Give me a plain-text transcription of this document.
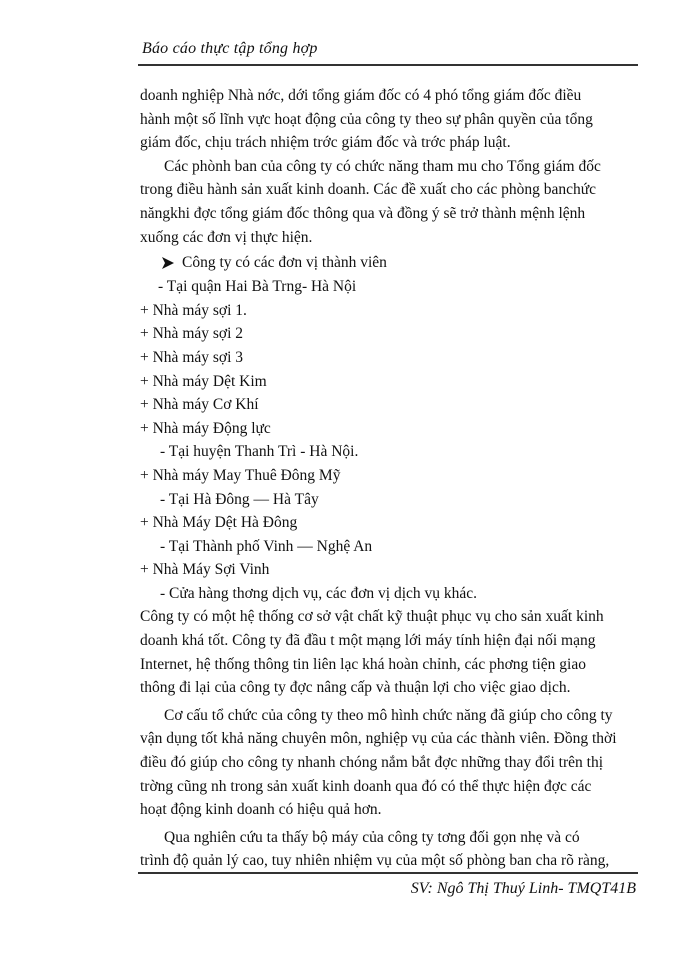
Báo cáo thực tập tổng hợp
doanh nghiệp Nhà nớc, dới tổng giám đốc có 4 phó tổng giám đốc điều
hành một số lĩnh vực hoạt động của công ty theo sự phân quyền của tổng
giám đốc, chịu trách nhiệm trớc giám đốc và trớc pháp luật.
Các phònh ban của công ty có chức năng tham mu cho Tổng giám đốc
trong điều hành sản xuất kinh doanh. Các đề xuất cho các phòng banchức
năngkhi đợc tổng giám đốc thông qua và đồng ý sẽ trở thành mệnh lệnh
xuống các đơn vị thực hiện.
Công ty có các đơn vị thành viên
- Tại quận Hai Bà Trng- Hà Nội
+ Nhà máy sợi 1.
+ Nhà máy sợi 2
+ Nhà máy sợi 3
+ Nhà máy Dệt Kim
+ Nhà máy Cơ Khí
+ Nhà máy Động lực
- Tại huyện Thanh Trì - Hà Nội.
+ Nhà máy May Thuê Đông Mỹ
- Tại Hà Đông — Hà Tây
+ Nhà Máy Dệt Hà Đông
- Tại Thành phố Vinh — Nghệ An
+ Nhà Máy Sợi Vinh
- Cửa hàng thơng dịch vụ, các đơn vị dịch vụ khác.
Công ty có một hệ thống cơ sở vật chất kỹ thuật phục vụ cho sản xuất kinh
doanh khá tốt. Công ty đã đầu t một mạng lới máy tính hiện đại nối mạng
Internet, hệ thống thông tin liên lạc khá hoàn chỉnh, các phơng tiện giao
thông đi lại của công ty đợc nâng cấp và thuận lợi cho việc giao dịch.
Cơ cấu tổ chức của công ty theo mô hình chức năng đã giúp cho công ty
vận dụng tốt khả năng chuyên môn, nghiệp vụ của các thành viên. Đồng thời
điều đó giúp cho công ty nhanh chóng nắm bắt đợc những thay đổi trên thị
trờng cũng nh trong sản xuất kinh doanh qua đó có thể thực hiện đợc các
hoạt động kinh doanh có hiệu quả hơn.
Qua nghiên cứu ta thấy bộ máy của công ty tơng đối gọn nhẹ và có
trình độ quản lý cao, tuy nhiên nhiệm vụ của một số phòng ban cha rõ ràng,
SV: Ngô Thị Thuý Linh- TMQT41B
